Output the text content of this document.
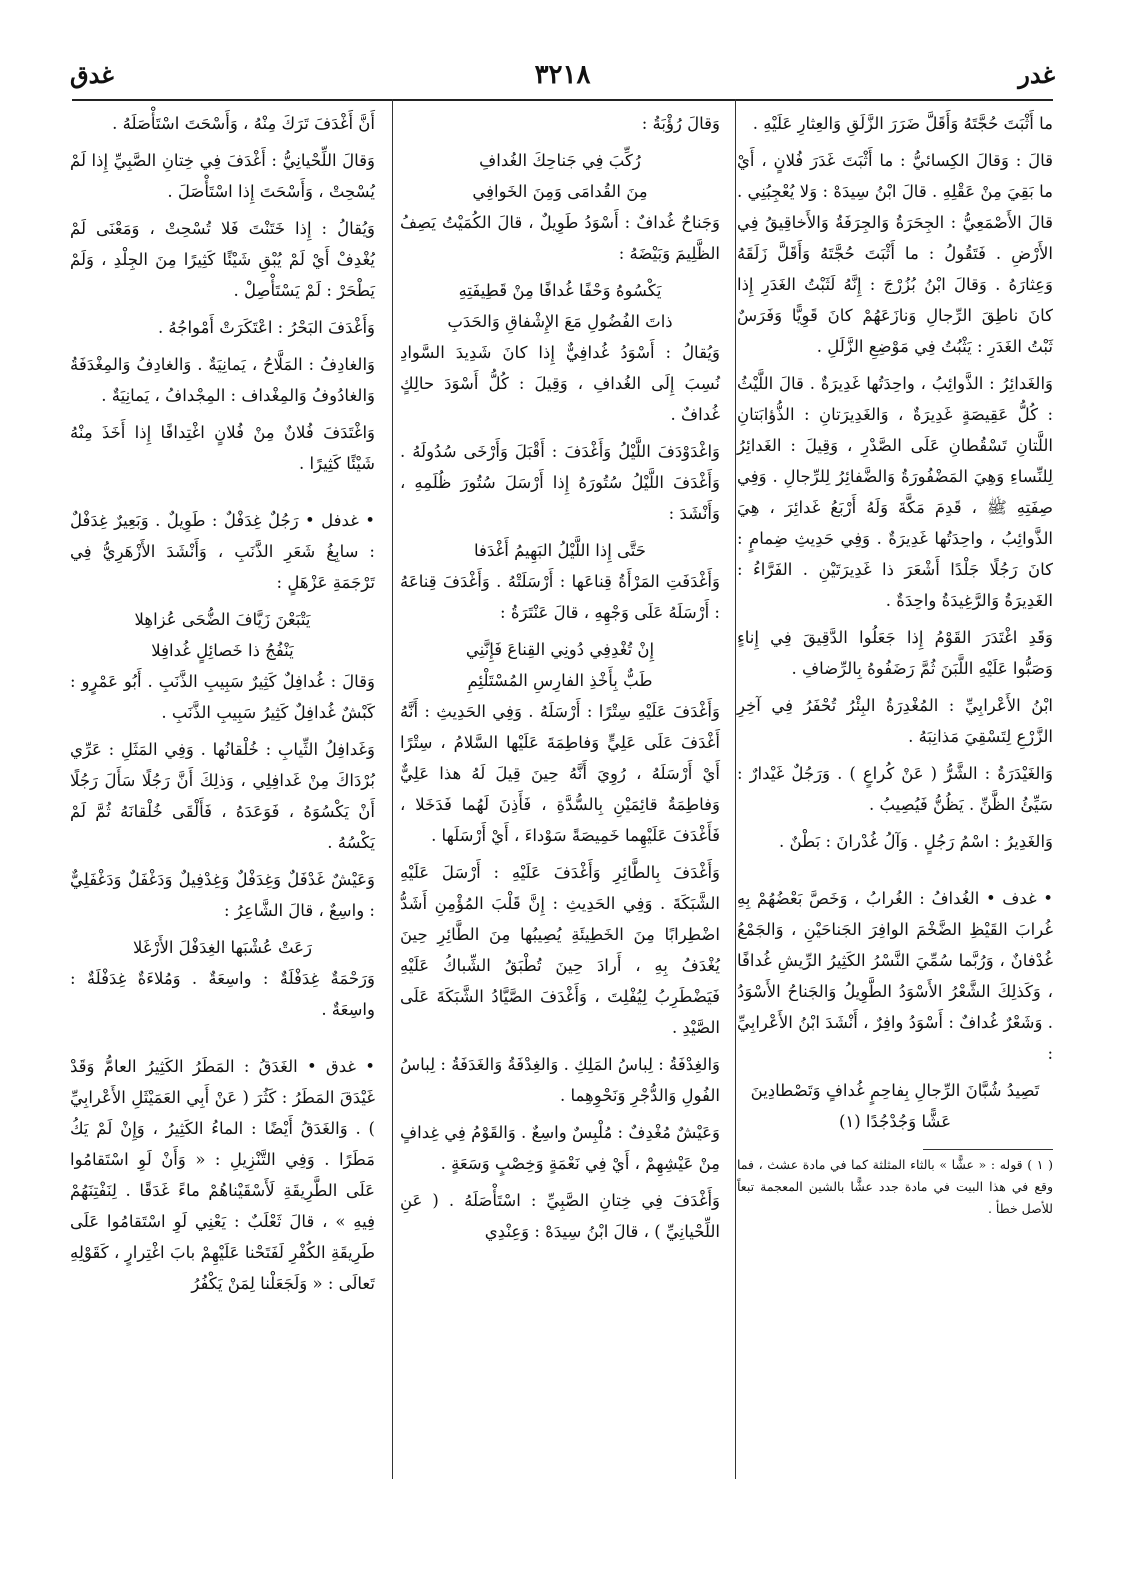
غدر
٣٢١٨
غدق

ما أَثْبَتَ حُجَّتَهُ وَأَقَلَّ ضَرَرَ الزَّلَقِ وَالعِثارِ عَلَيْهِ .

قالَ : وَقالَ الكِسائيُّ : ما أَثْبَتَ غَدَرَ فُلانٍ ، أَيْ ما بَقِيَ مِنْ عَقْلِهِ . قالَ ابْنُ سِيدَهْ : وَلا يُعْجِبُنِي . قالَ الأَصْمَعِيُّ : الجِحَرَةُ وَالجِرَفَةُ وَالأَخاقِيقُ فِي الأَرْضِ . فَتَقُولُ : ما أَثْبَتَ حُجَّتَهُ وَأَقَلَّ زَلَقَهُ وَعِثارَهُ . وَقالَ ابْنُ بُزُرْجَ : إِنَّهُ لَثَبْتُ الغَدَرِ إِذا كانَ ناطِقَ الرِّجالِ وَنازَعَهُمْ كانَ قَوِيًّا وَفَرَسٌ ثَبْتُ الغَدَرِ : يَثْبُتُ فِي مَوْضِعِ الزَّلَلِ .

وَالغَدائِرُ : الذَّوائِبُ ، واحِدَتُها غَدِيرَةٌ . قالَ اللَّيْثُ : كُلُّ عَقِيصَةٍ غَدِيرَةٌ ، وَالغَدِيرَتانِ : الذُّؤابَتانِ اللَّتانِ تَسْقُطانِ عَلَى الصَّدْرِ ، وَقِيلَ : الغَدائِرُ لِلنِّساءِ وَهِيَ المَضْفُورَةُ وَالضَّفائِرُ لِلرِّجالِ . وَفِي صِفَتِهِ ﷺ ، قَدِمَ مَكَّةَ وَلَهُ أَرْبَعُ غَدائِرَ ، هِيَ الذَّوائِبُ ، واحِدَتُها غَدِيرَةٌ . وَفِي حَدِيثِ ضِمامٍ : كانَ رَجُلًا جَلْدًا أَشْعَرَ ذا غَدِيرَتَيْنِ . الفَرَّاءُ : الغَدِيرَةُ وَالرَّغِيدَةُ واحِدَةٌ .

وَقَدِ اغْتَدَرَ القَوْمُ إِذا جَعَلُوا الدَّقِيقَ فِي إِناءٍ وَصَبُّوا عَلَيْهِ اللَّبَنَ ثُمَّ رَضَفُوهُ بِالرِّضافِ .

ابْنُ الأَعْرابِيِّ : المُغْدِرَةُ البِئْرُ تُحْفَرُ فِي آخِرِ الزَّرْعِ لِتَسْقِيَ مَذانِبَهُ .

وَالغَيْدَرَةُ : الشَّرُّ ( عَنْ كُراعٍ ) . وَرَجُلٌ غَيْدارٌ : سَيِّئُ الظَّنِّ . يَظُنُّ فَيُصِيبُ .

وَالغَدِيرُ : اسْمُ رَجُلٍ . وَآلُ غُدْرانَ : بَطْنٌ .

• غدف • الغُدافُ : الغُرابُ ، وَخَصَّ بَعْضُهُمْ بِهِ غُرابَ القَيْظِ الضَّخْمَ الوافِرَ الجَناحَيْنِ ، وَالجَمْعُ غُدْفانٌ ، وَرُبَّما سُمِّيَ النَّسْرُ الكَثِيرُ الرِّيشِ غُدافًا ، وَكَذلِكَ الشَّعْرُ الأَسْوَدُ الطَّوِيلُ وَالجَناحُ الأَسْوَدُ . وَشَعْرٌ غُدافٌ : أَسْوَدُ وافِرٌ ، أَنْشَدَ ابْنُ الأَعْرابِيِّ :

تَصِيدُ شُبَّانَ الرِّجالِ بِفاحِمٍ غُدافٍ وَتَصْطادِينَ عَشًّا وَجُدْجُدًا (١)

( ١ ) قوله : « عشًّا » بالثاء المثلثة كما في مادة عشث ، فما وقع في هذا البيت في مادة جدد عشًّا بالشين المعجمة تبعاً للأصل خطأ .

وَقالَ رُؤْبَةُ :

رُكِّبَ فِي جَناحِكَ الغُدافِ

مِنَ القُدامَى وَمِنَ الخَوافِي

وَجَناحٌ غُدافٌ : أَسْوَدُ طَوِيلٌ ، قالَ الكُمَيْتُ يَصِفُ الظَّلِيمَ وَبَيْضَهُ :

يَكْسُوهُ وَحْفًا غُدافًا مِنْ قَطِيفَتِهِ

ذاتَ الفُضُولِ مَعَ الإِشْفاقِ وَالحَدَبِ

وَيُقالُ : أَسْوَدُ غُدافِيٌّ إِذا كانَ شَدِيدَ السَّوادِ نُسِبَ إِلَى الغُدافِ ، وَقِيلَ : كُلُّ أَسْوَدَ حالِكٍ غُدافٌ .

وَاغْدَوْدَفَ اللَّيْلُ وَأَغْدَفَ : أَقْبَلَ وَأَرْخَى سُدُولَهُ . وَأَغْدَفَ اللَّيْلُ سُتُورَهُ إِذا أَرْسَلَ سُتُورَ ظُلَمِهِ ، وَأَنْشَدَ :

حَتَّى إِذا اللَّيْلُ البَهِيمُ أَغْدَفا

وَأَغْدَفَتِ المَرْأَةُ قِناعَها : أَرْسَلَتْهُ . وَأَغْدَفَ قِناعَهُ : أَرْسَلَهُ عَلَى وَجْهِهِ ، قالَ عَنْتَرَةُ :

إِنْ تُغْدِفِي دُونِي القِناعَ فَإِنَّنِي

طَبٌّ بِأَخْذِ الفارِسِ المُسْتَلْئِمِ

وَأَغْدَفَ عَلَيْهِ سِتْرًا : أَرْسَلَهُ . وَفِي الحَدِيثِ : أَنَّهُ أَغْدَفَ عَلَى عَلِيٍّ وَفاطِمَةَ عَلَيْها السَّلامُ ، سِتْرًا أَيْ أَرْسَلَهُ ، رُوِيَ أَنَّهُ حِينَ قِيلَ لَهُ هذا عَلِيٌّ وَفاطِمَةُ قائِمَيْنِ بِالسُّدَّةِ ، فَأَذِنَ لَهُما فَدَخَلا ، فَأَغْدَفَ عَلَيْهِما خَمِيصَةً سَوْداءَ ، أَيْ أَرْسَلَها .

وَأَغْدَفَ بِالطَّائِرِ وَأَغْدَفَ عَلَيْهِ : أَرْسَلَ عَلَيْهِ الشَّبَكَةَ . وَفِي الحَدِيثِ : إِنَّ قَلْبَ المُؤْمِنِ أَشَدُّ اضْطِرابًا مِنَ الخَطِيئَةِ يُصِيبُها مِنَ الطَّائِرِ حِينَ يُغْدَفُ بِهِ ، أَرادَ حِينَ تُطْبَقُ الشِّباكُ عَلَيْهِ فَيَضْطَرِبُ لِيُفْلِتَ ، وَأَغْدَفَ الصَّيَّادُ الشَّبَكَةَ عَلَى الصَّيْدِ .

وَالغِدْفَةُ : لِباسُ المَلِكِ . وَالغِدْفَةُ وَالغَدَفَةُ : لِباسُ الفُولِ وَالدُّجْرِ وَنَحْوِهِما .

وَعَيْشٌ مُغْدِفٌ : مُلْبِسٌ واسِعٌ . وَالقَوْمُ فِي غِدافٍ مِنْ عَيْشِهِمْ ، أَيْ فِي نَعْمَةٍ وَخِصْبٍ وَسَعَةٍ .

وَأَغْدَفَ فِي خِتانِ الصَّبِيِّ : اسْتَأْصَلَهُ . ( عَنِ اللِّحْيانِيِّ ) ، قالَ ابْنُ سِيدَهْ : وَعِنْدِي

أَنَّ أَغْدَفَ تَرَكَ مِنْهُ ، وَأَسْحَتَ اسْتَأْصَلَهُ .

وَقالَ اللِّحْيانِيُّ : أَغْدَفَ فِي خِتانِ الصَّبِيِّ إِذا لَمْ يُسْحِتْ ، وَأَسْحَتَ إِذا اسْتَأْصَلَ .

وَيُقالُ : إِذا خَتَنْتَ فَلا تُسْحِتْ ، وَمَعْنَى لَمْ يُغْدِفْ أَيْ لَمْ يُبْقِ شَيْئًا كَثِيرًا مِنَ الجِلْدِ ، وَلَمْ يَطْحَرْ : لَمْ يَسْتَأْصِلْ .

وَأَغْدَفَ البَحْرُ : اعْتَكَرَتْ أَمْواجُهُ .

وَالغادِفُ : المَلَّاحُ ، يَمانِيَةٌ . وَالغادِفُ وَالمِغْدَفَةُ وَالغادُوفُ وَالمِغْداف : المِجْدافُ ، يَمانِيَةٌ .

وَاغْتَدَفَ فُلانٌ مِنْ فُلانٍ اغْتِدافًا إِذا أَخَذَ مِنْهُ شَيْئًا كَثِيرًا .

• غدفل • رَجُلٌ غِدَفْلٌ : طَوِيلٌ . وَبَعِيرٌ غِدَفْلٌ : سابِغُ شَعَرِ الذَّنَبِ ، وَأَنْشَدَ الأَزْهَرِيُّ فِي تَرْجَمَةِ عَزْهَلٍ :

يَتْبَعْنَ زَيَّافَ الضُّحَى عُزاهِلا

يَنْفُجُ ذا خَصائِلٍ غُدافِلا

وَقالَ : غُدافِلٌ كَثِيرٌ سَبِيبِ الذَّنَبِ . أَبُو عَمْرٍو : كَبْشٌ غُدافِلٌ كَثِيرُ سَبِيبِ الذَّنَبِ .

وَغَدافِلُ الثِّيابِ : خُلْقانُها . وَفِي المَثَلِ : عَرِّي بُرْدَاكَ مِنْ غَدافِلِي ، وَذلِكَ أَنَّ رَجُلًا سَأَلَ رَجُلًا أَنْ يَكْسُوَهُ ، فَوَعَدَهُ ، فَأَلْقَى خُلْقانَهُ ثُمَّ لَمْ يَكْسُهُ .

وَعَيْشٌ غَدْفَلٌ وَغِدَفْلٌ وَغِدْفِيلٌ وَدَغْفَلٌ وَدَغْفَلِيٌّ : واسِعٌ ، قالَ الشَّاعِرُ :

رَعَتْ عُشْبَها الغِدَفْلَ الأَرْغَلا

وَرَحْمَةٌ غِدَفْلَةٌ : واسِعَةٌ . وَمُلاءَةٌ غِدَفْلَةٌ : واسِعَةٌ .

• غدق • الغَدَقُ : المَطَرُ الكَثِيرُ العامُّ وَقَدْ غَيْدَقَ المَطَرُ : كَثُرَ ( عَنْ أَبِي العَمَيْثَلِ الأَعْرابِيِّ ) . وَالغَدَقُ أَيْضًا : الماءُ الكَثِيرُ ، وَإِنْ لَمْ يَكُ مَطَرًا . وَفِي التَّنْزِيلِ : « وَأَنْ لَوِ اسْتَقامُوا عَلَى الطَّرِيقَةِ لَأَسْقَيْناهُمْ ماءً غَدَقًا . لِنَفْتِنَهُمْ فِيهِ » ، قالَ ثَعْلَبٌ : يَعْنِي لَوِ اسْتَقامُوا عَلَى طَرِيقَةِ الكُفْرِ لَفَتَحْنا عَلَيْهِمْ بابَ اغْتِرارٍ ، كَقَوْلِهِ تَعالَى : « وَلَجَعَلْنا لِمَنْ يَكْفُرُ
